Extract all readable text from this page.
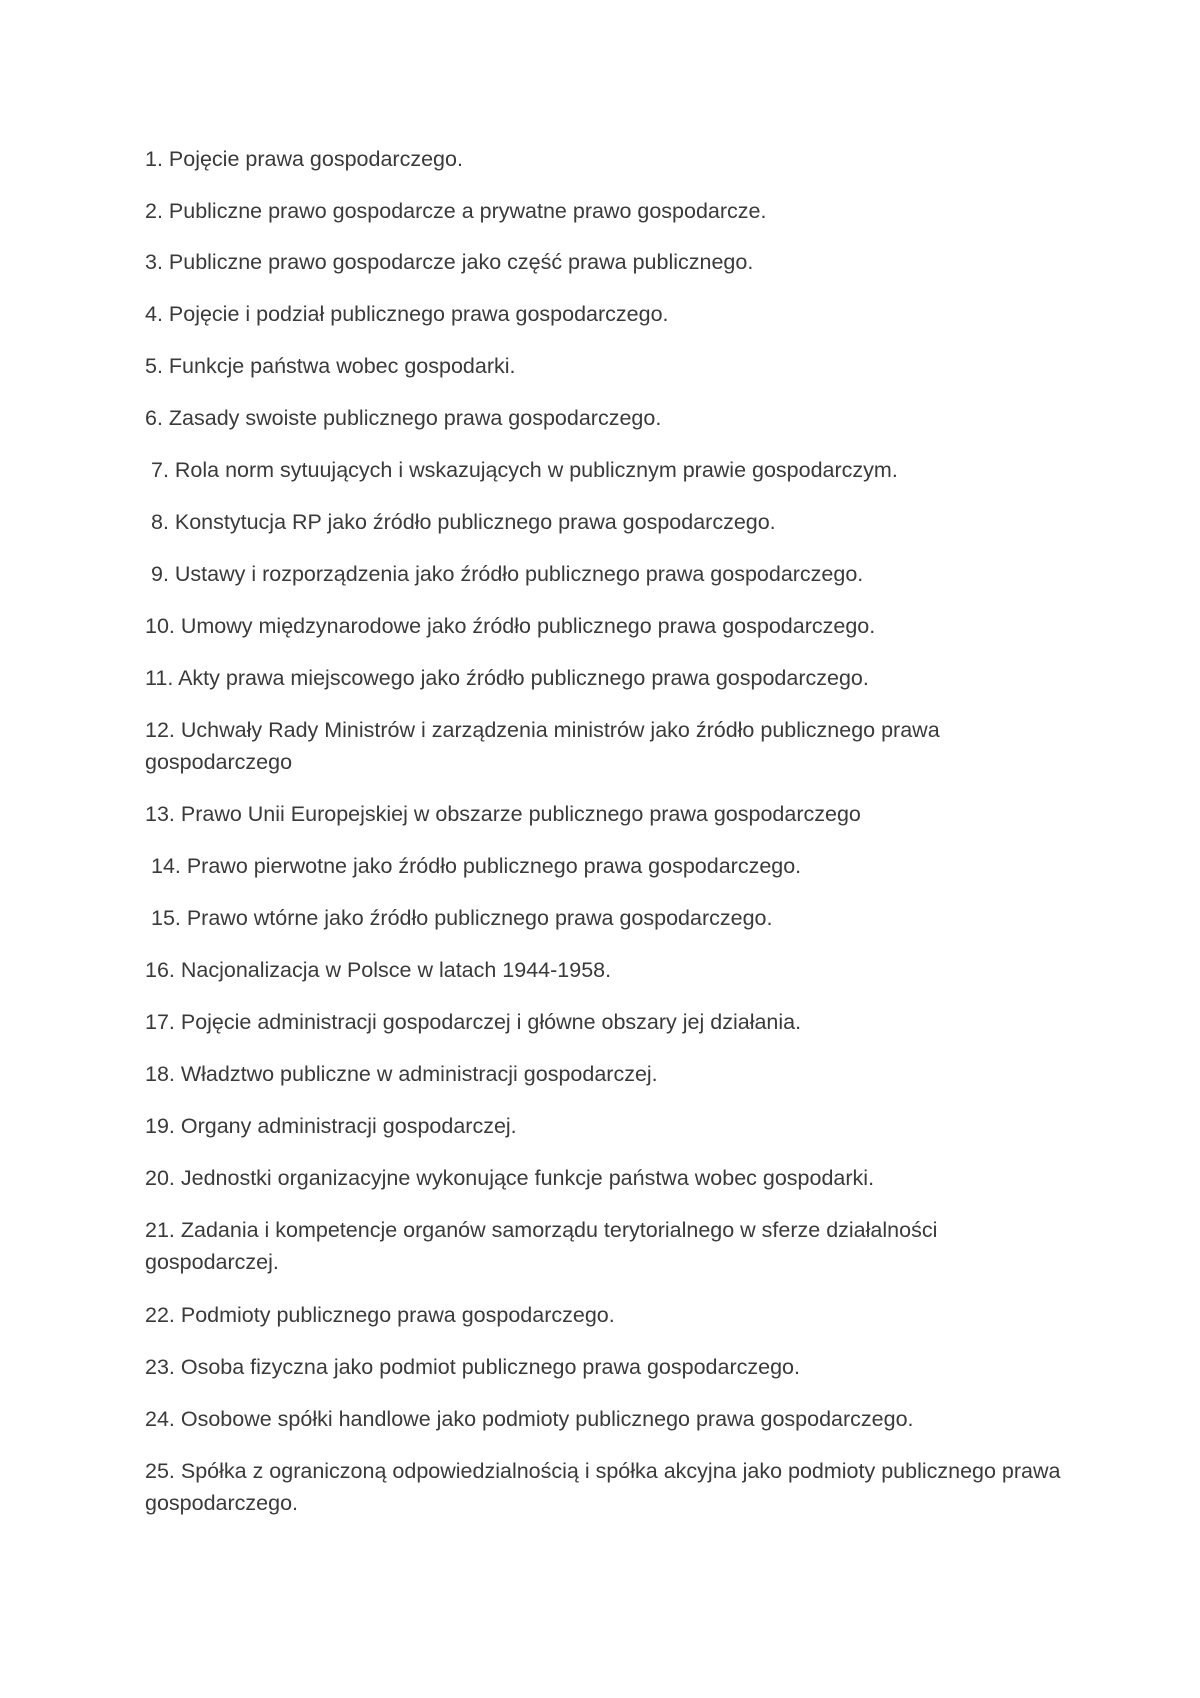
1. Pojęcie prawa gospodarczego.
2. Publiczne prawo gospodarcze a prywatne prawo gospodarcze.
3. Publiczne prawo gospodarcze jako część prawa publicznego.
4. Pojęcie i podział publicznego prawa gospodarczego.
5. Funkcje państwa wobec gospodarki.
6. Zasady swoiste publicznego prawa gospodarczego.
7. Rola norm sytuujących i wskazujących w publicznym prawie gospodarczym.
8. Konstytucja RP jako źródło publicznego prawa gospodarczego.
9. Ustawy i rozporządzenia jako źródło publicznego prawa gospodarczego.
10. Umowy międzynarodowe jako źródło publicznego prawa gospodarczego.
11. Akty prawa miejscowego jako źródło publicznego prawa gospodarczego.
12. Uchwały Rady Ministrów i zarządzenia ministrów jako źródło publicznego prawa gospodarczego
13. Prawo Unii Europejskiej w obszarze publicznego prawa gospodarczego
14. Prawo pierwotne jako źródło publicznego prawa gospodarczego.
15. Prawo wtórne jako źródło publicznego prawa gospodarczego.
16. Nacjonalizacja w Polsce w latach 1944-1958.
17. Pojęcie administracji gospodarczej i główne obszary jej działania.
18. Władztwo publiczne w administracji gospodarczej.
19. Organy administracji gospodarczej.
20. Jednostki organizacyjne wykonujące funkcje państwa wobec gospodarki.
21. Zadania i kompetencje organów samorządu terytorialnego w sferze działalności gospodarczej.
22. Podmioty publicznego prawa gospodarczego.
23. Osoba fizyczna jako podmiot publicznego prawa gospodarczego.
24. Osobowe spółki handlowe jako podmioty publicznego prawa gospodarczego.
25. Spółka z ograniczoną odpowiedzialnością i spółka akcyjna jako podmioty publicznego prawa gospodarczego.
